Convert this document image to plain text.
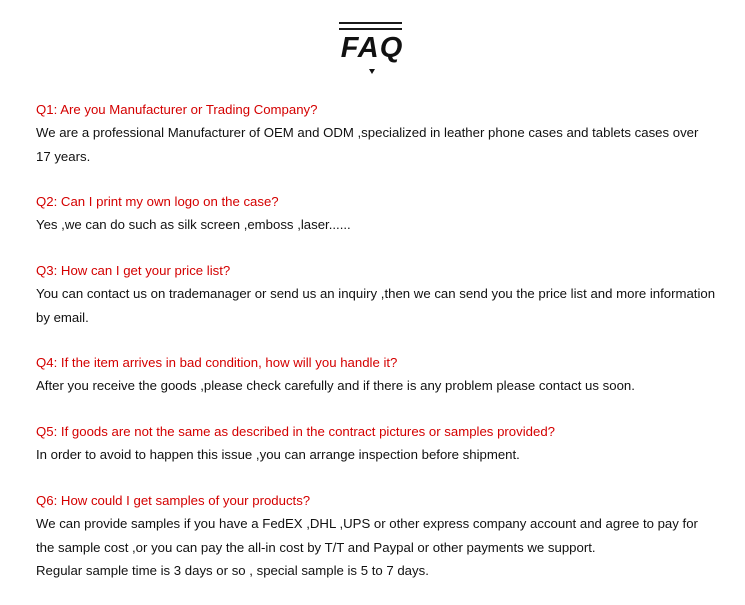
FAQ
Q1: Are you Manufacturer or Trading Company?

We are a professional Manufacturer of OEM and ODM ,specialized in leather phone cases and tablets cases over 17 years.

Q2: Can I print my own logo on the case?

Yes ,we can do such as silk screen ,emboss ,laser......

Q3: How can I get your price list?

You can contact us on trademanager or send us an inquiry ,then we can send you the price list and more information by email.

Q4: If the item arrives in bad condition, how will you handle it?

After you receive the goods ,please check carefully and if there is any problem please contact us soon.

Q5: If goods are not the same as described in the contract pictures or samples provided?

In order to avoid to happen this issue ,you can arrange inspection before shipment.

Q6: How could I get samples of your products?

We can provide samples if you have a FedEX ,DHL ,UPS or other express company account and agree to pay for the sample cost ,or you can pay the all-in cost by T/T and Paypal or other payments we support.

Regular sample time is 3 days or so , special sample is 5 to 7 days.
